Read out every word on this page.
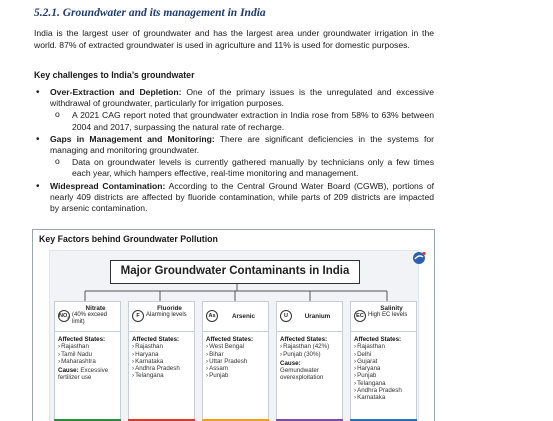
5.2.1. Groundwater and its management in India

India is the largest user of groundwater and has the largest area under groundwater irrigation in the world. 87% of extracted groundwater is used in agriculture and 11% is used for domestic purposes.

Key challenges to India’s groundwater
• Over-Extraction and Depletion: One of the primary issues is the unregulated and excessive withdrawal of groundwater, particularly for irrigation purposes.
o A 2021 CAG report noted that groundwater extraction in India rose from 58% to 63% between 2004 and 2017, surpassing the natural rate of recharge.
• Gaps in Management and Monitoring: There are significant deficiencies in the systems for managing and monitoring groundwater.
o Data on groundwater levels is currently gathered manually by technicians only a few times each year, which hampers effective, real-time monitoring and management.
• Widespread Contamination: According to the Central Ground Water Board (CGWB), portions of nearly 409 districts are affected by fluoride contamination, while parts of 209 districts are impacted by arsenic contamination.
Key Factors behind Groundwater Pollution
Major Groundwater Contaminants in India
$NO_3$
Nitrate
(40% exceed limit)
Affected States:
› Rajasthan
› Tamil Nadu
› Maharashtra
Cause: Excessive fertilizer use
F
Fluoride
Alarming levels
Affected States:
› Rajasthan
› Haryana
› Karnataka
› Andhra Pradesh
› Telangana
As	Arsenic
Affected States:
› West Bengal
› Bihar
› Uttar Pradesh
› Assam
› Punjab
U	Uranium
Affected States:
› Rajasthan (42%)
› Punjab (30%)
Cause: Gemundwater overexploitation
EC
Salinity
High EC levels
Affected States:
› Rajasthan
› Delhi
› Gujarat
› Haryana
› Punjab
› Telangana
› Andhra Pradesh
› Karnataka
